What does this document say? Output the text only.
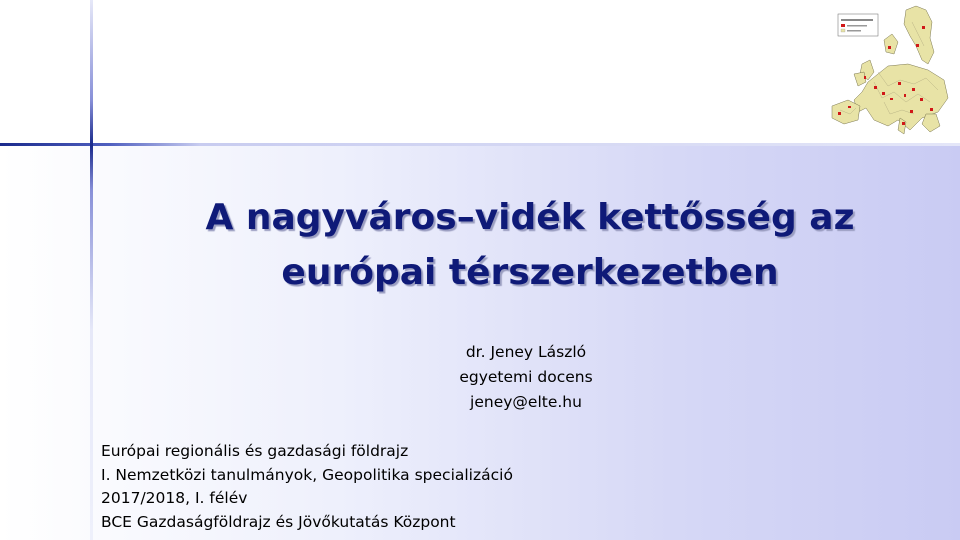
A nagyváros–vidék kettősség az
európai térszerkezetben
dr. Jeney László
egyetemi docens
jeney@elte.hu
Európai regionális és gazdasági földrajz
I. Nemzetközi tanulmányok, Geopolitika specializáció
2017/2018, I. félév
BCE Gazdaságföldrajz és Jövőkutatás Központ
